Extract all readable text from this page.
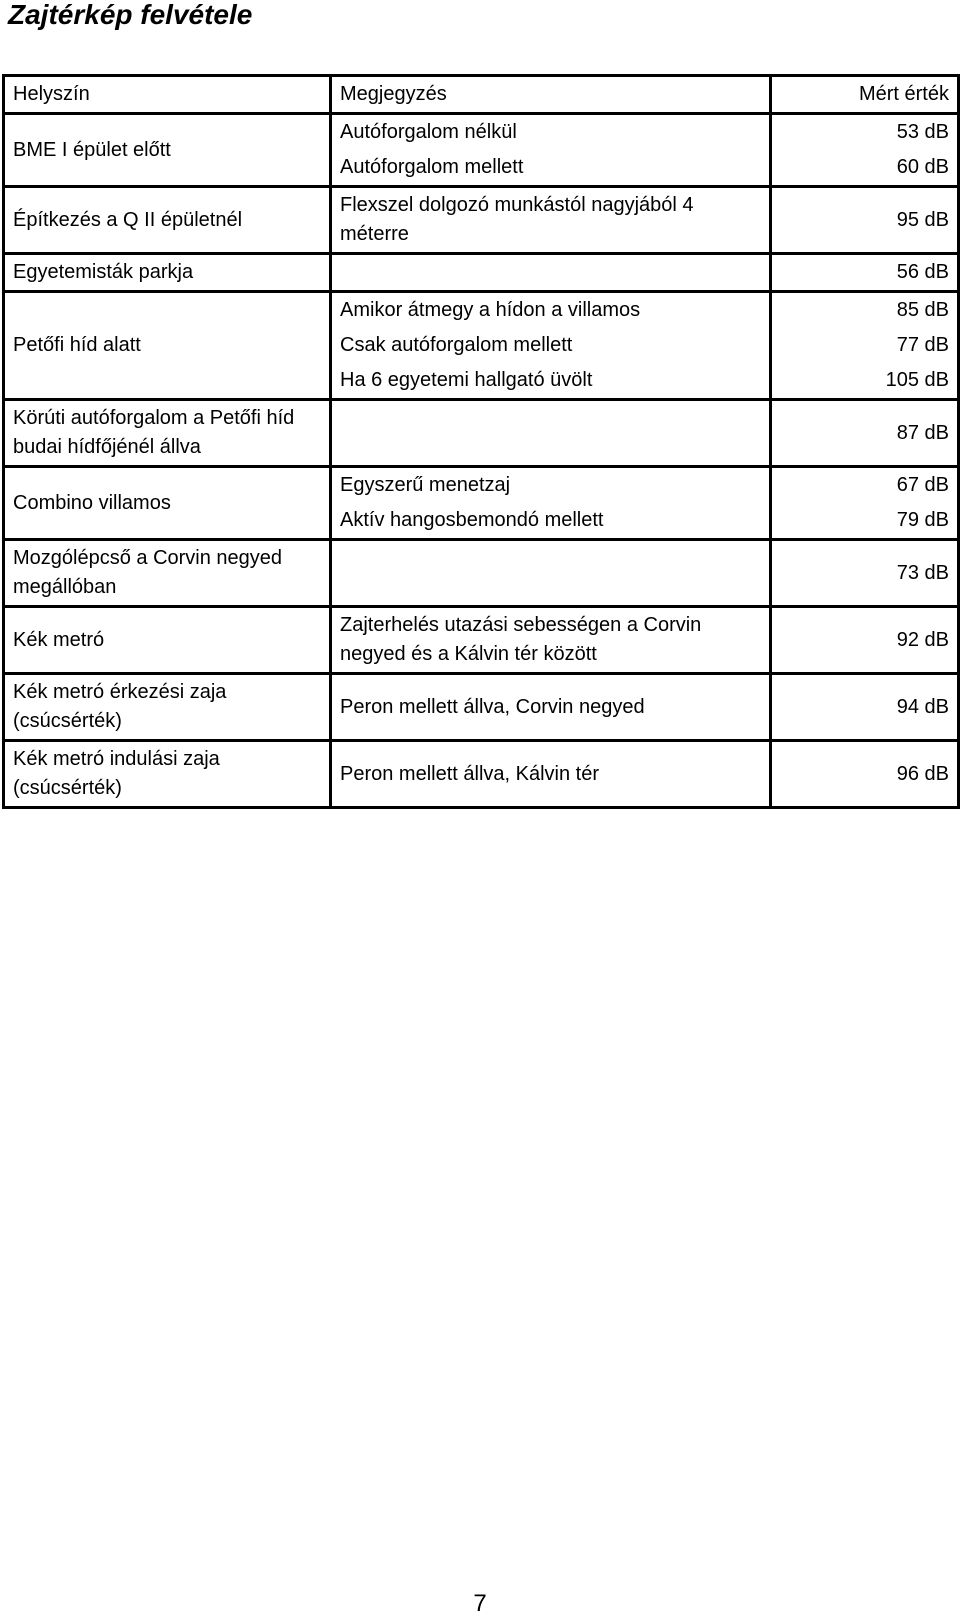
Zajtérkép felvétele
Helyszín	Megjegyzés	Mért érték
BME I épület előtt	Autóforgalom nélkül	53 dB
	Autóforgalom mellett	60 dB
Építkezés a Q II épületnél	Flexszel dolgozó munkástól nagyjából 4 méterre	95 dB
Egyetemisták parkja		56 dB
Petőfi híd alatt	Amikor átmegy a hídon a villamos	85 dB
	Csak autóforgalom mellett	77 dB
	Ha 6 egyetemi hallgató üvölt	105 dB
Körúti autóforgalom a Petőfi híd budai hídfőjénél állva		87 dB
Combino villamos	Egyszerű menetzaj	67 dB
	Aktív hangosbemondó mellett	79 dB
Mozgólépcső a Corvin negyed megállóban		73 dB
Kék metró	Zajterhelés utazási sebességen a Corvin negyed és a Kálvin tér között	92 dB
Kék metró érkezési zaja (csúcsérték)	Peron mellett állva, Corvin negyed	94 dB
Kék metró indulási zaja (csúcsérték)	Peron mellett állva, Kálvin tér	96 dB
7
